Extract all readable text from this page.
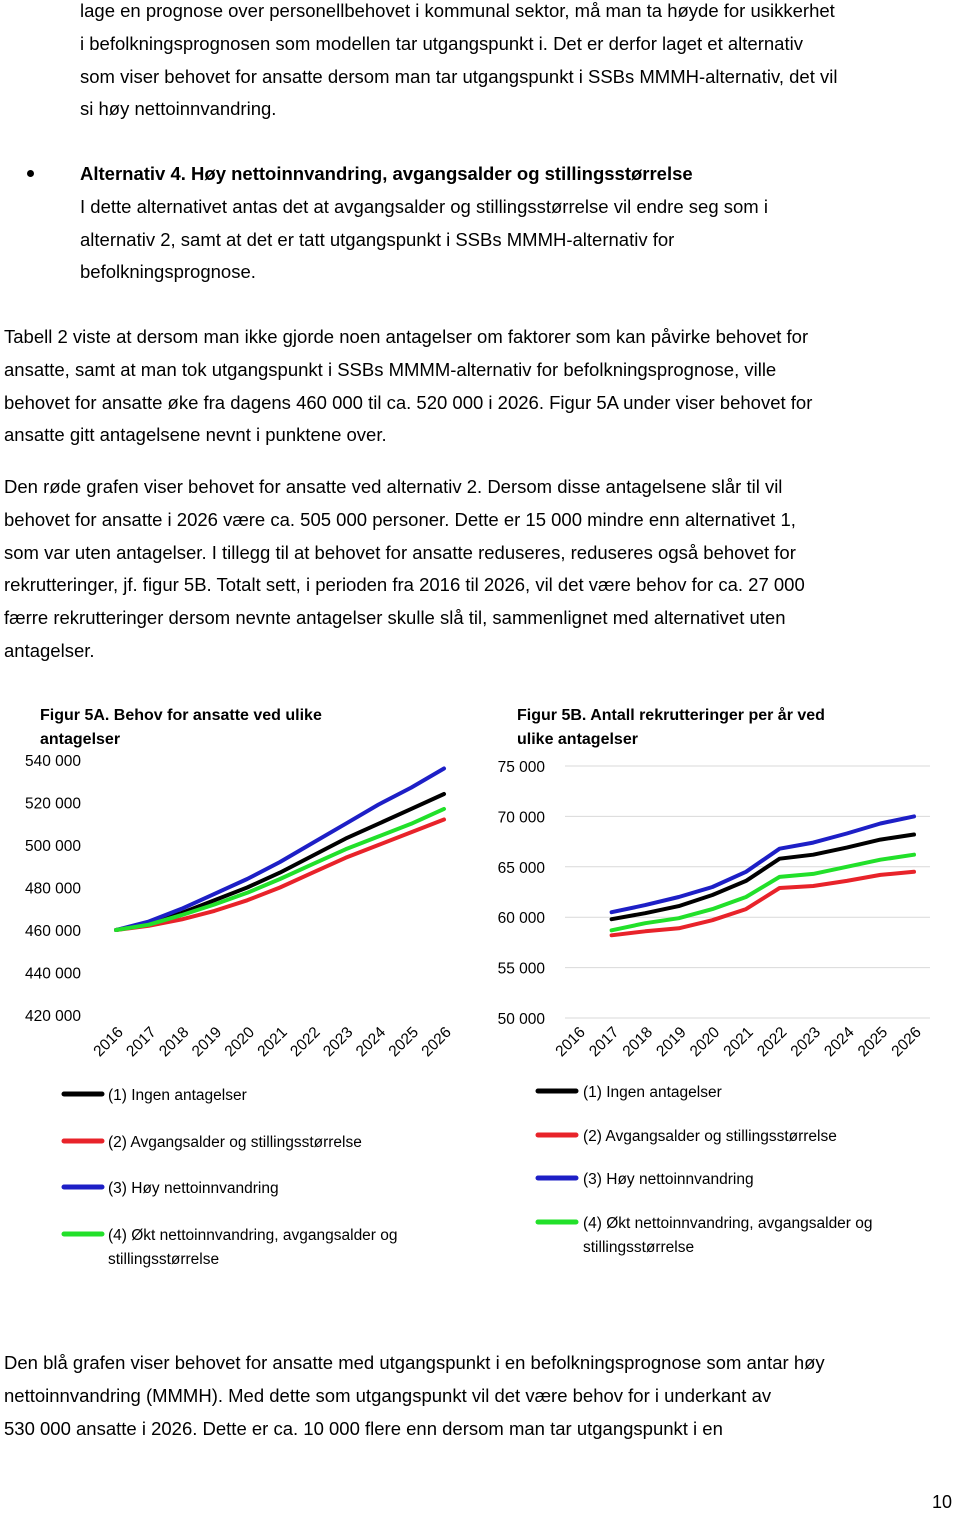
lage en prognose over personellbehovet i kommunal sektor, må man ta høyde for usikkerhet
i befolkningsprognosen som modellen tar utgangspunkt i. Det er derfor laget et alternativ
som viser behovet for ansatte dersom man tar utgangspunkt i SSBs MMMH-alternativ, det vil
si høy nettoinnvandring.
Alternativ 4. Høy nettoinnvandring, avgangsalder og stillingsstørrelse
I dette alternativet antas det at avgangsalder og stillingsstørrelse vil endre seg som i
alternativ 2, samt at det er tatt utgangspunkt i SSBs MMMH-alternativ for
befolkningsprognose.
Tabell 2 viste at dersom man ikke gjorde noen antagelser om faktorer som kan påvirke behovet for
ansatte, samt at man tok utgangspunkt i SSBs MMMM-alternativ for befolkningsprognose, ville
behovet for ansatte øke fra dagens 460 000 til ca. 520 000 i 2026. Figur 5A under viser behovet for
ansatte gitt antagelsene nevnt i punktene over.
Den røde grafen viser behovet for ansatte ved alternativ 2. Dersom disse antagelsene slår til vil
behovet for ansatte i 2026 være ca. 505 000 personer. Dette er 15 000 mindre enn alternativet 1,
som var uten antagelser. I tillegg til at behovet for ansatte reduseres, reduseres også behovet for
rekrutteringer, jf. figur 5B. Totalt sett, i perioden fra 2016 til 2026, vil det være behov for ca. 27 000
færre rekrutteringer dersom nevnte antagelser skulle slå til, sammenlignet med alternativet uten
antagelser.
Figur 5A. Behov for ansatte ved ulike
antagelser
420 000
440 000
460 000
480 000
500 000
520 000
540 000
2016
2017
2018
2019
2020
2021
2022
2023
2024
2025
2026
(1) Ingen antagelser
(2) Avgangsalder og stillingsstørrelse
(3) Høy nettoinnvandring
(4) Økt nettoinnvandring, avgangsalder og
stillingsstørrelse
Figur 5B. Antall rekrutteringer per år ved
ulike antagelser
50 000
55 000
60 000
65 000
70 000
75 000
2016
2017
2018
2019
2020
2021
2022
2023
2024
2025
2026
(1) Ingen antagelser
(2) Avgangsalder og stillingsstørrelse
(3) Høy nettoinnvandring
(4) Økt nettoinnvandring, avgangsalder og
stillingsstørrelse
Den blå grafen viser behovet for ansatte med utgangspunkt i en befolkningsprognose som antar høy
nettoinnvandring (MMMH). Med dette som utgangspunkt vil det være behov for i underkant av
530 000 ansatte i 2026. Dette er ca. 10 000 flere enn dersom man tar utgangspunkt i en
10
